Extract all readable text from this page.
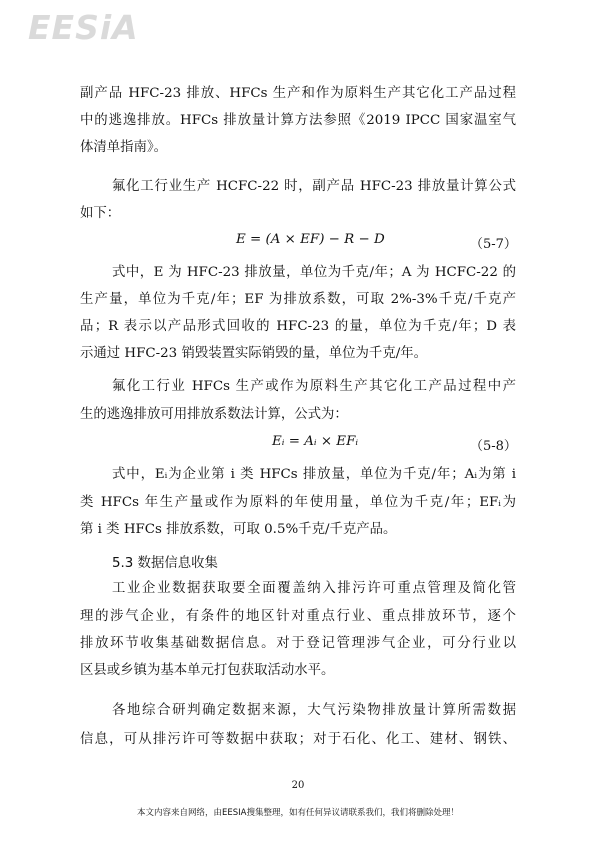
EESiA
副产品 HFC-23 排放、HFCs 生产和作为原料生产其它化工产品过程
中的逃逸排放。HFCs 排放量计算方法参照《2019 IPCC 国家温室气
体清单指南》。
氟化工行业生产 HCFC-22 时，副产品 HFC-23 排放量计算公式
如下：
E = (A × EF) − R − D	（5-7）
式中，E 为 HFC-23 排放量，单位为千克/年；A 为 HCFC-22 的
生产量，单位为千克/年；EF 为排放系数，可取 2%-3%千克/千克产
品；R 表示以产品形式回收的 HFC-23 的量，单位为千克/年；D 表
示通过 HFC-23 销毁装置实际销毁的量，单位为千克/年。
氟化工行业 HFCs 生产或作为原料生产其它化工产品过程中产
生的逃逸排放可用排放系数法计算，公式为：
Eᵢ = Aᵢ × EFᵢ	（5-8）
式中，Eᵢ为企业第 i 类 HFCs 排放量，单位为千克/年；Aᵢ为第 i
类 HFCs 年生产量或作为原料的年使用量，单位为千克/年；EFᵢ为
第 i 类 HFCs 排放系数，可取 0.5%千克/千克产品。
5.3 数据信息收集
工业企业数据获取要全面覆盖纳入排污许可重点管理及简化管
理的涉气企业，有条件的地区针对重点行业、重点排放环节，逐个
排放环节收集基础数据信息。对于登记管理涉气企业，可分行业以
区县或乡镇为基本单元打包获取活动水平。
各地综合研判确定数据来源，大气污染物排放量计算所需数据
信息，可从排污许可等数据中获取；对于石化、化工、建材、钢铁、
20
本文内容来自网络，由EESIA搜集整理，如有任何异议请联系我们，我们将删除处理！
